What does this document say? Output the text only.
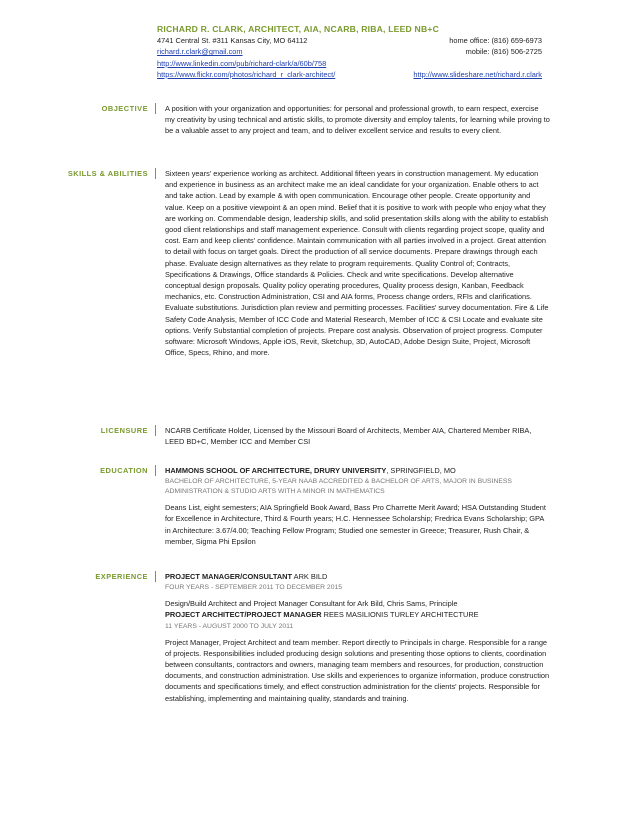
RICHARD R. CLARK, ARCHITECT, AIA, NCARB, RIBA, LEED NB+C
4741 Central St. #311 Kansas City, MO 64112	home office: (816) 659-6973
richard.r.clark@gmail.com	mobile: (816) 506-2725
http://www.linkedin.com/pub/richard-clark/a/60b/758
https://www.flickr.com/photos/richard_r_clark-architect/	http://www.slideshare.net/richard.r.clark
OBJECTIVE A position with your organization and opportunities: for personal and professional growth, to earn respect, exercise my creativity by using technical and artistic skills, to promote diversity and employ talents, for learning while proving to be a valuable asset to any project and team, and to deliver excellent service and results to every client.

SKILLS & ABILITIES Sixteen years' experience working as architect. Additional fifteen years in construction management. My education and experience in business as an architect make me an ideal candidate for your organization. Enable others to act and take action. Lead by example & with open communication. Encourage other people. Create opportunity and value. Keep on a positive viewpoint & an open mind. Belief that it is positive to work with people who enjoy what they are working on. Commendable design, leadership skills, and solid presentation skills along with the ability to establish good client relationships and staff management experience. Consult with clients regarding project scope, quality and cost. Earn and keep clients' confidence. Maintain communication with all parties involved in a project. Great attention to detail with focus on target goals. Direct the production of all service documents. Prepare drawings through each phase. Evaluate design alternatives as they relate to program requirements. Quality Control of; Contracts, Specifications & Drawings, Office standards & Policies. Check and write specifications. Develop alternative conceptual design proposals. Quality policy operating procedures, Quality process design, Kanban, Feedback mechanics, etc. Construction Administration, CSI and AIA forms, Process change orders, RFIs and clarifications. Evaluate substitutions. Jurisdiction plan review and permitting processes. Facilities' survey documentation. Fire & Life Safety Code Analysis, Member of ICC Code and Material Research, Member of ICC & CSI Locate and evaluate site options. Verify Substantial completion of projects. Prepare cost analysis. Observation of project progress. Computer software: Microsoft Windows, Apple iOS, Revit, Sketchup, 3D, AutoCAD, Adobe Design Suite, Project, Microsoft Office, Specs, Rhino, and more.

LICENSURE NCARB Certificate Holder, Licensed by the Missouri Board of Architects, Member AIA, Chartered Member RIBA, LEED BD+C, Member ICC and Member CSI

EDUCATION HAMMONS SCHOOL OF ARCHITECTURE, DRURY UNIVERSITY, SPRINGFIELD, MO
BACHELOR OF ARCHITECTURE, 5-YEAR NAAB ACCREDITED & BACHELOR OF ARTS, MAJOR IN BUSINESS ADMINISTRATION & STUDIO ARTS WITH A MINOR IN MATHEMATICS
Deans List, eight semesters; AIA Springfield Book Award, Bass Pro Charrette Merit Award; HSA Outstanding Student for Excellence in Architecture, Third & Fourth years; H.C. Hennessee Scholarship; Fredrica Evans Scholarship; GPA in Architecture: 3.67/4.00; Teaching Fellow Program; Studied one semester in Greece; Treasurer, Rush Chair, & member, Sigma Phi Epsilon
EXPERIENCE PROJECT MANAGER/CONSULTANT ARK BILD
FOUR YEARS - SEPTEMBER 2011 TO DECEMBER 2015
Design/Build Architect and Project Manager Consultant for Ark Bild, Chris Sams, Principle
PROJECT ARCHITECT/PROJECT MANAGER REES MASILIONIS TURLEY ARCHITECTURE
11 YEARS - AUGUST 2000 TO JULY 2011
Project Manager, Project Architect and team member. Report directly to Principals in charge. Responsible for a range of projects. Responsibilities included producing design solutions and presenting those options to clients, coordination between consultants, contractors and owners, managing team members and resources, for production, construction documents, and construction administration. Use skills and experiences to organize information, produce construction documents and specifications timely, and effect construction administration for the clients' projects. Responsible for establishing, implementing and maintaining quality, standards and training.
